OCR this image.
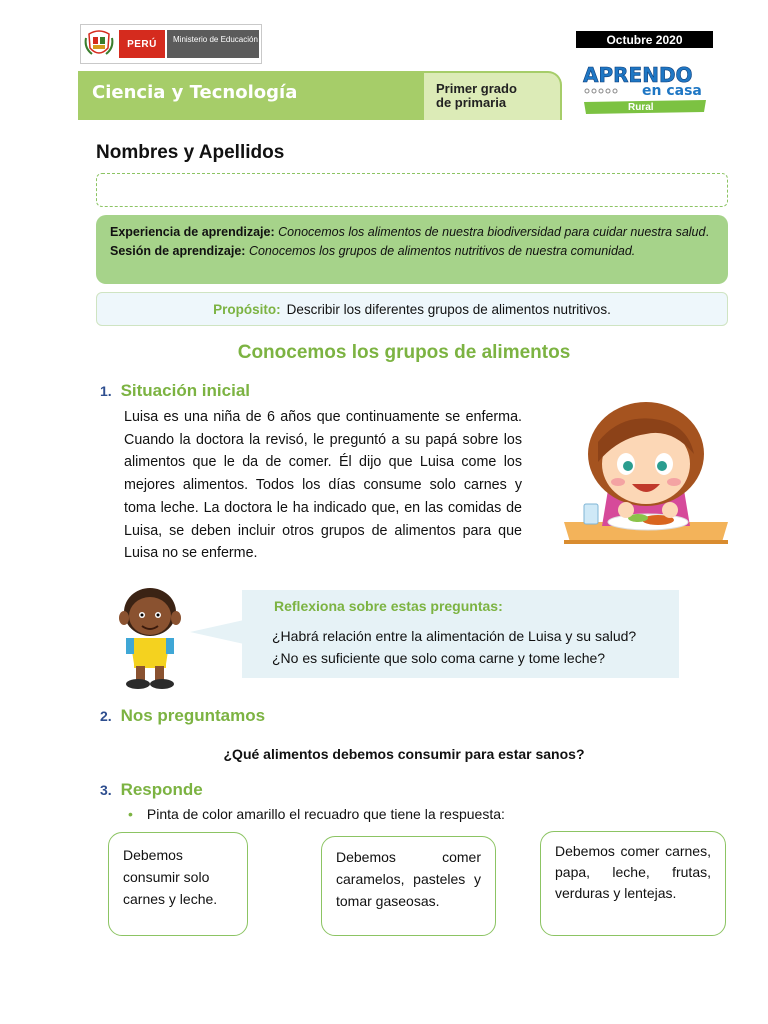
PERÚ	Ministerio de Educación	Octubre 2020
Ciencia y Tecnología	Primer grado
de primaria
APRENDO
en casa
Rural
Nombres y Apellidos
Experiencia de aprendizaje: Conocemos los alimentos de nuestra biodiversidad para cuidar nuestra salud.
Sesión de aprendizaje: Conocemos los grupos de alimentos nutritivos de nuestra comunidad.
Propósito: Describir los diferentes grupos de alimentos nutritivos.
Conocemos los grupos de alimentos
1. Situación inicial
Luisa es una niña de 6 años que continuamente se enferma. Cuando la doctora la revisó, le preguntó a su papá sobre los alimentos que le da de comer. Él dijo que Luisa come los mejores alimentos. Todos los días consume solo carnes y toma leche. La doctora le ha indicado que, en las comidas de Luisa, se deben incluir otros grupos de alimentos para que Luisa no se enferme.
Reflexiona sobre estas preguntas:
¿Habrá relación entre la alimentación de Luisa y su salud?
¿No es suficiente que solo coma carne y tome leche?
2. Nos preguntamos
¿Qué alimentos debemos consumir para estar sanos?
3. Responde
• Pinta de color amarillo el recuadro que tiene la respuesta:
Debemos consumir solo carnes y leche.
Debemos comer caramelos, pasteles y tomar gaseosas.
Debemos comer carnes, papa, leche, frutas, verduras y lentejas.
